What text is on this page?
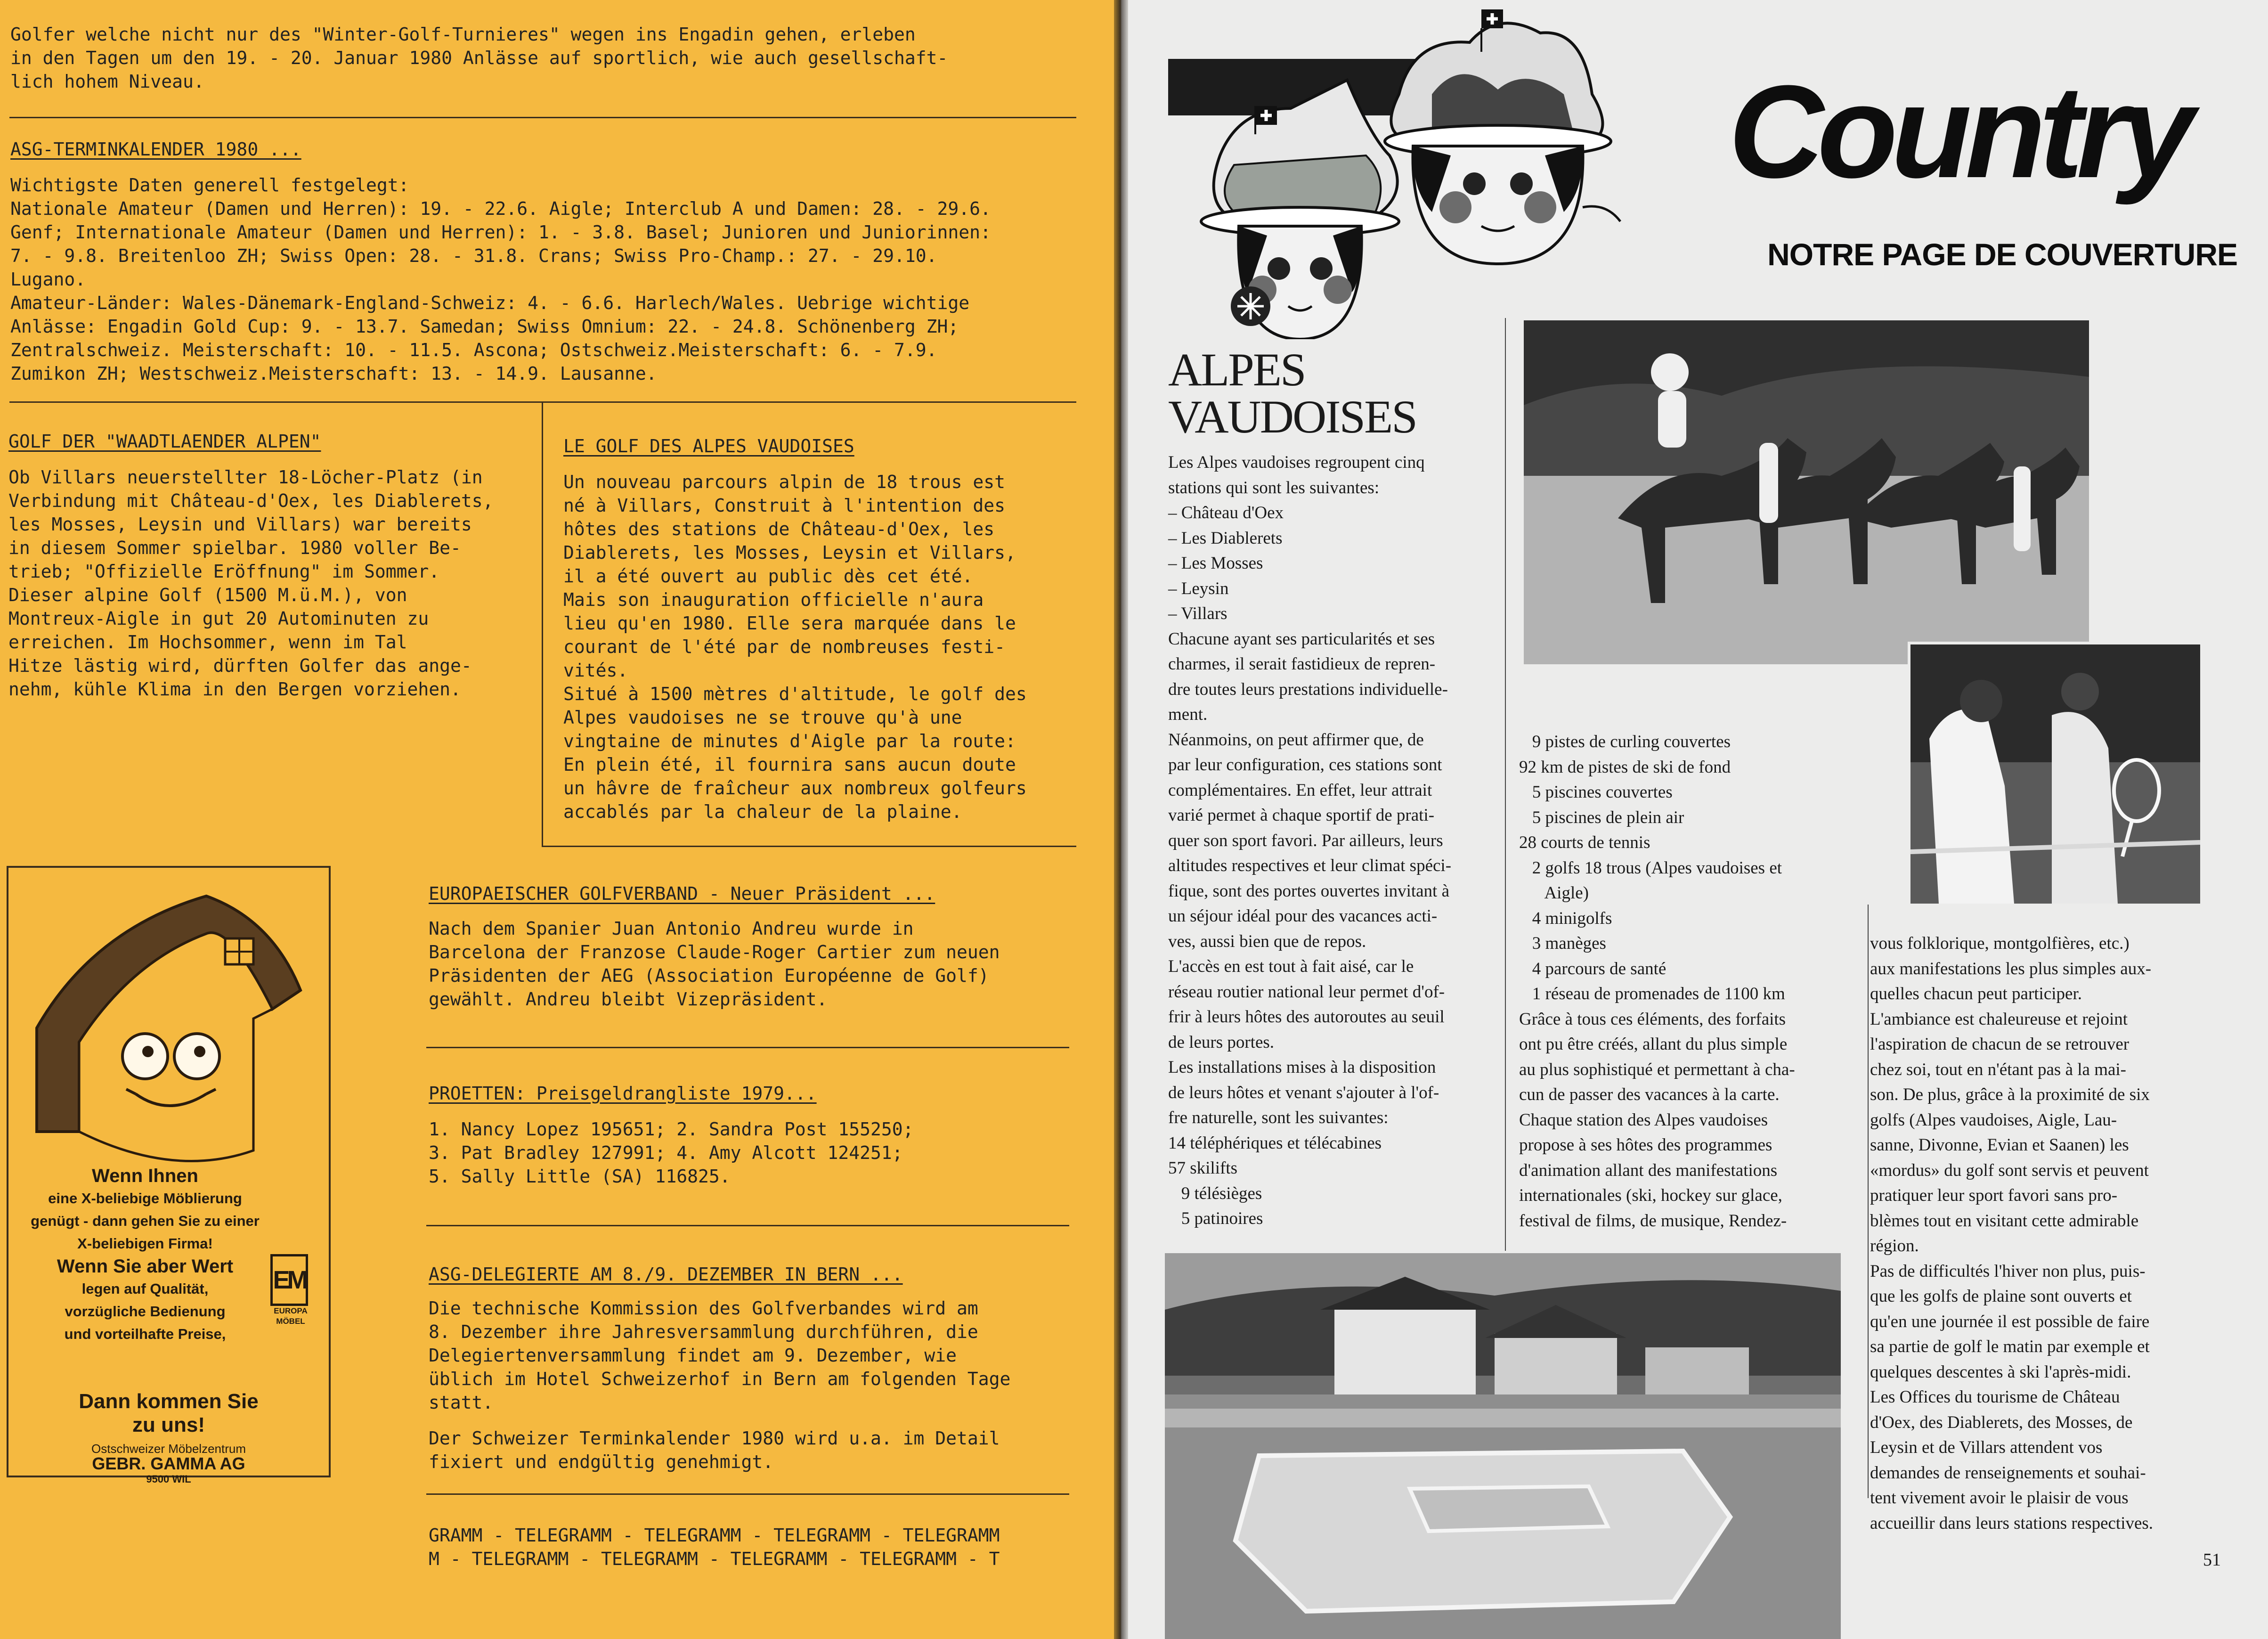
Golfer welche nicht nur des "Winter-Golf-Turnieres" wegen ins Engadin gehen, erleben
in den Tagen um den 19. - 20. Januar 1980 Anlässe auf sportlich, wie auch gesellschaft-
lich hohem Niveau.
ASG-TERMINKALENDER 1980 ...
Wichtigste Daten generell festgelegt:
Nationale Amateur (Damen und Herren): 19. - 22.6. Aigle; Interclub A und Damen: 28. - 29.6.
Genf; Internationale Amateur (Damen und Herren): 1. - 3.8. Basel; Junioren und Juniorinnen:
7. - 9.8. Breitenloo ZH; Swiss Open: 28. - 31.8. Crans; Swiss Pro-Champ.: 27. - 29.10.
Lugano.
Amateur-Länder: Wales-Dänemark-England-Schweiz: 4. - 6.6. Harlech/Wales. Uebrige wichtige
Anlässe: Engadin Gold Cup: 9. - 13.7. Samedan; Swiss Omnium: 22. - 24.8. Schönenberg ZH;
Zentralschweiz. Meisterschaft: 10. - 11.5. Ascona; Ostschweiz.Meisterschaft: 6. - 7.9.
Zumikon ZH; Westschweiz.Meisterschaft: 13. - 14.9. Lausanne.
GOLF DER "WAADTLAENDER ALPEN"
Ob Villars neuerstellter 18-Löcher-Platz (in
Verbindung mit Château-d'Oex, les Diablerets,
les Mosses, Leysin und Villars) war bereits
in diesem Sommer spielbar. 1980 voller Be-
trieb; "Offizielle Eröffnung" im Sommer.
Dieser alpine Golf (1500 M.ü.M.), von
Montreux-Aigle in gut 20 Autominuten zu
erreichen. Im Hochsommer, wenn im Tal
Hitze lästig wird, dürften Golfer das ange-
nehm, kühle Klima in den Bergen vorziehen.
LE GOLF DES ALPES VAUDOISES
Un nouveau parcours alpin de 18 trous est
né à Villars, Construit à l'intention des
hôtes des stations de Château-d'Oex, les
Diablerets, les Mosses, Leysin et Villars,
il a été ouvert au public dès cet été.
Mais son inauguration officielle n'aura
lieu qu'en 1980. Elle sera marquée dans le
courant de l'été par de nombreuses festi-
vités.
Situé à 1500 mètres d'altitude, le golf des
Alpes vaudoises ne se trouve qu'à une
vingtaine de minutes d'Aigle par la route:
En plein été, il fournira sans aucun doute
un hâvre de fraîcheur aux nombreux golfeurs
accablés par la chaleur de la plaine.
Wenn Ihnen
eine X-beliebige Möblierung
genügt - dann gehen Sie zu einer
X-beliebigen Firma!
Wenn Sie aber Wert
legen auf Qualität,
vorzügliche Bedienung
und vorteilhafte Preise,
EM
EUROPA
MÖBEL
Dann kommen Sie
zu uns!
Ostschweizer Möbelzentrum
GEBR. GAMMA AG
9500 WIL
EUROPAEISCHER GOLFVERBAND - Neuer Präsident ...
Nach dem Spanier Juan Antonio Andreu wurde in
Barcelona der Franzose Claude-Roger Cartier zum neuen
Präsidenten der AEG (Association Européenne de Golf)
gewählt. Andreu bleibt Vizepräsident.
PROETTEN: Preisgeldrangliste 1979...
1. Nancy Lopez 195651; 2. Sandra Post 155250;
3. Pat Bradley 127991; 4. Amy Alcott 124251;
5. Sally Little (SA) 116825.
ASG-DELEGIERTE AM 8./9. DEZEMBER IN BERN ...
Die technische Kommission des Golfverbandes wird am
8. Dezember ihre Jahresversammlung durchführen, die
Delegiertenversammlung findet am 9. Dezember, wie
üblich im Hotel Schweizerhof in Bern am folgenden Tage
statt.
Der Schweizer Terminkalender 1980 wird u.a. im Detail
fixiert und endgültig genehmigt.
GRAMM - TELEGRAMM - TELEGRAMM - TELEGRAMM - TELEGRAMM
M - TELEGRAMM - TELEGRAMM - TELEGRAMM - TELEGRAMM - T
Country
NOTRE PAGE DE COUVERTURE
ALPES
VAUDOISES
Les Alpes vaudoises regroupent cinq
stations qui sont les suivantes:
– Château d'Oex
– Les Diablerets
– Les Mosses
– Leysin
– Villars
Chacune ayant ses particularités et ses
charmes, il serait fastidieux de repren-
dre toutes leurs prestations individuelle-
ment.
Néanmoins, on peut affirmer que, de
par leur configuration, ces stations sont
complémentaires. En effet, leur attrait
varié permet à chaque sportif de prati-
quer son sport favori. Par ailleurs, leurs
altitudes respectives et leur climat spéci-
fique, sont des portes ouvertes invitant à
un séjour idéal pour des vacances acti-
ves, aussi bien que de repos.
L'accès en est tout à fait aisé, car le
réseau routier national leur permet d'of-
frir à leurs hôtes des autoroutes au seuil
de leurs portes.
Les installations mises à la disposition
de leurs hôtes et venant s'ajouter à l'of-
fre naturelle, sont les suivantes:
14 téléphériques et télécabines
57 skilifts
9 télésièges
5 patinoires
9 pistes de curling couvertes
92 km de pistes de ski de fond
5 piscines couvertes
5 piscines de plein air
28 courts de tennis
2 golfs 18 trous (Alpes vaudoises et
Aigle)
4 minigolfs
3 manèges
4 parcours de santé
1 réseau de promenades de 1100 km
Grâce à tous ces éléments, des forfaits
ont pu être créés, allant du plus simple
au plus sophistiqué et permettant à cha-
cun de passer des vacances à la carte.
Chaque station des Alpes vaudoises
propose à ses hôtes des programmes
d'animation allant des manifestations
internationales (ski, hockey sur glace,
festival de films, de musique, Rendez-
vous folklorique, montgolfières, etc.)
aux manifestations les plus simples aux-
quelles chacun peut participer.
L'ambiance est chaleureuse et rejoint
l'aspiration de chacun de se retrouver
chez soi, tout en n'étant pas à la mai-
son. De plus, grâce à la proximité de six
golfs (Alpes vaudoises, Aigle, Lau-
sanne, Divonne, Evian et Saanen) les
«mordus» du golf sont servis et peuvent
pratiquer leur sport favori sans pro-
blèmes tout en visitant cette admirable
région.
Pas de difficultés l'hiver non plus, puis-
que les golfs de plaine sont ouverts et
qu'en une journée il est possible de faire
sa partie de golf le matin par exemple et
quelques descentes à ski l'après-midi.
Les Offices du tourisme de Château
d'Oex, des Diablerets, des Mosses, de
Leysin et de Villars attendent vos
demandes de renseignements et souhai-
tent vivement avoir le plaisir de vous
accueillir dans leurs stations respectives.
51
